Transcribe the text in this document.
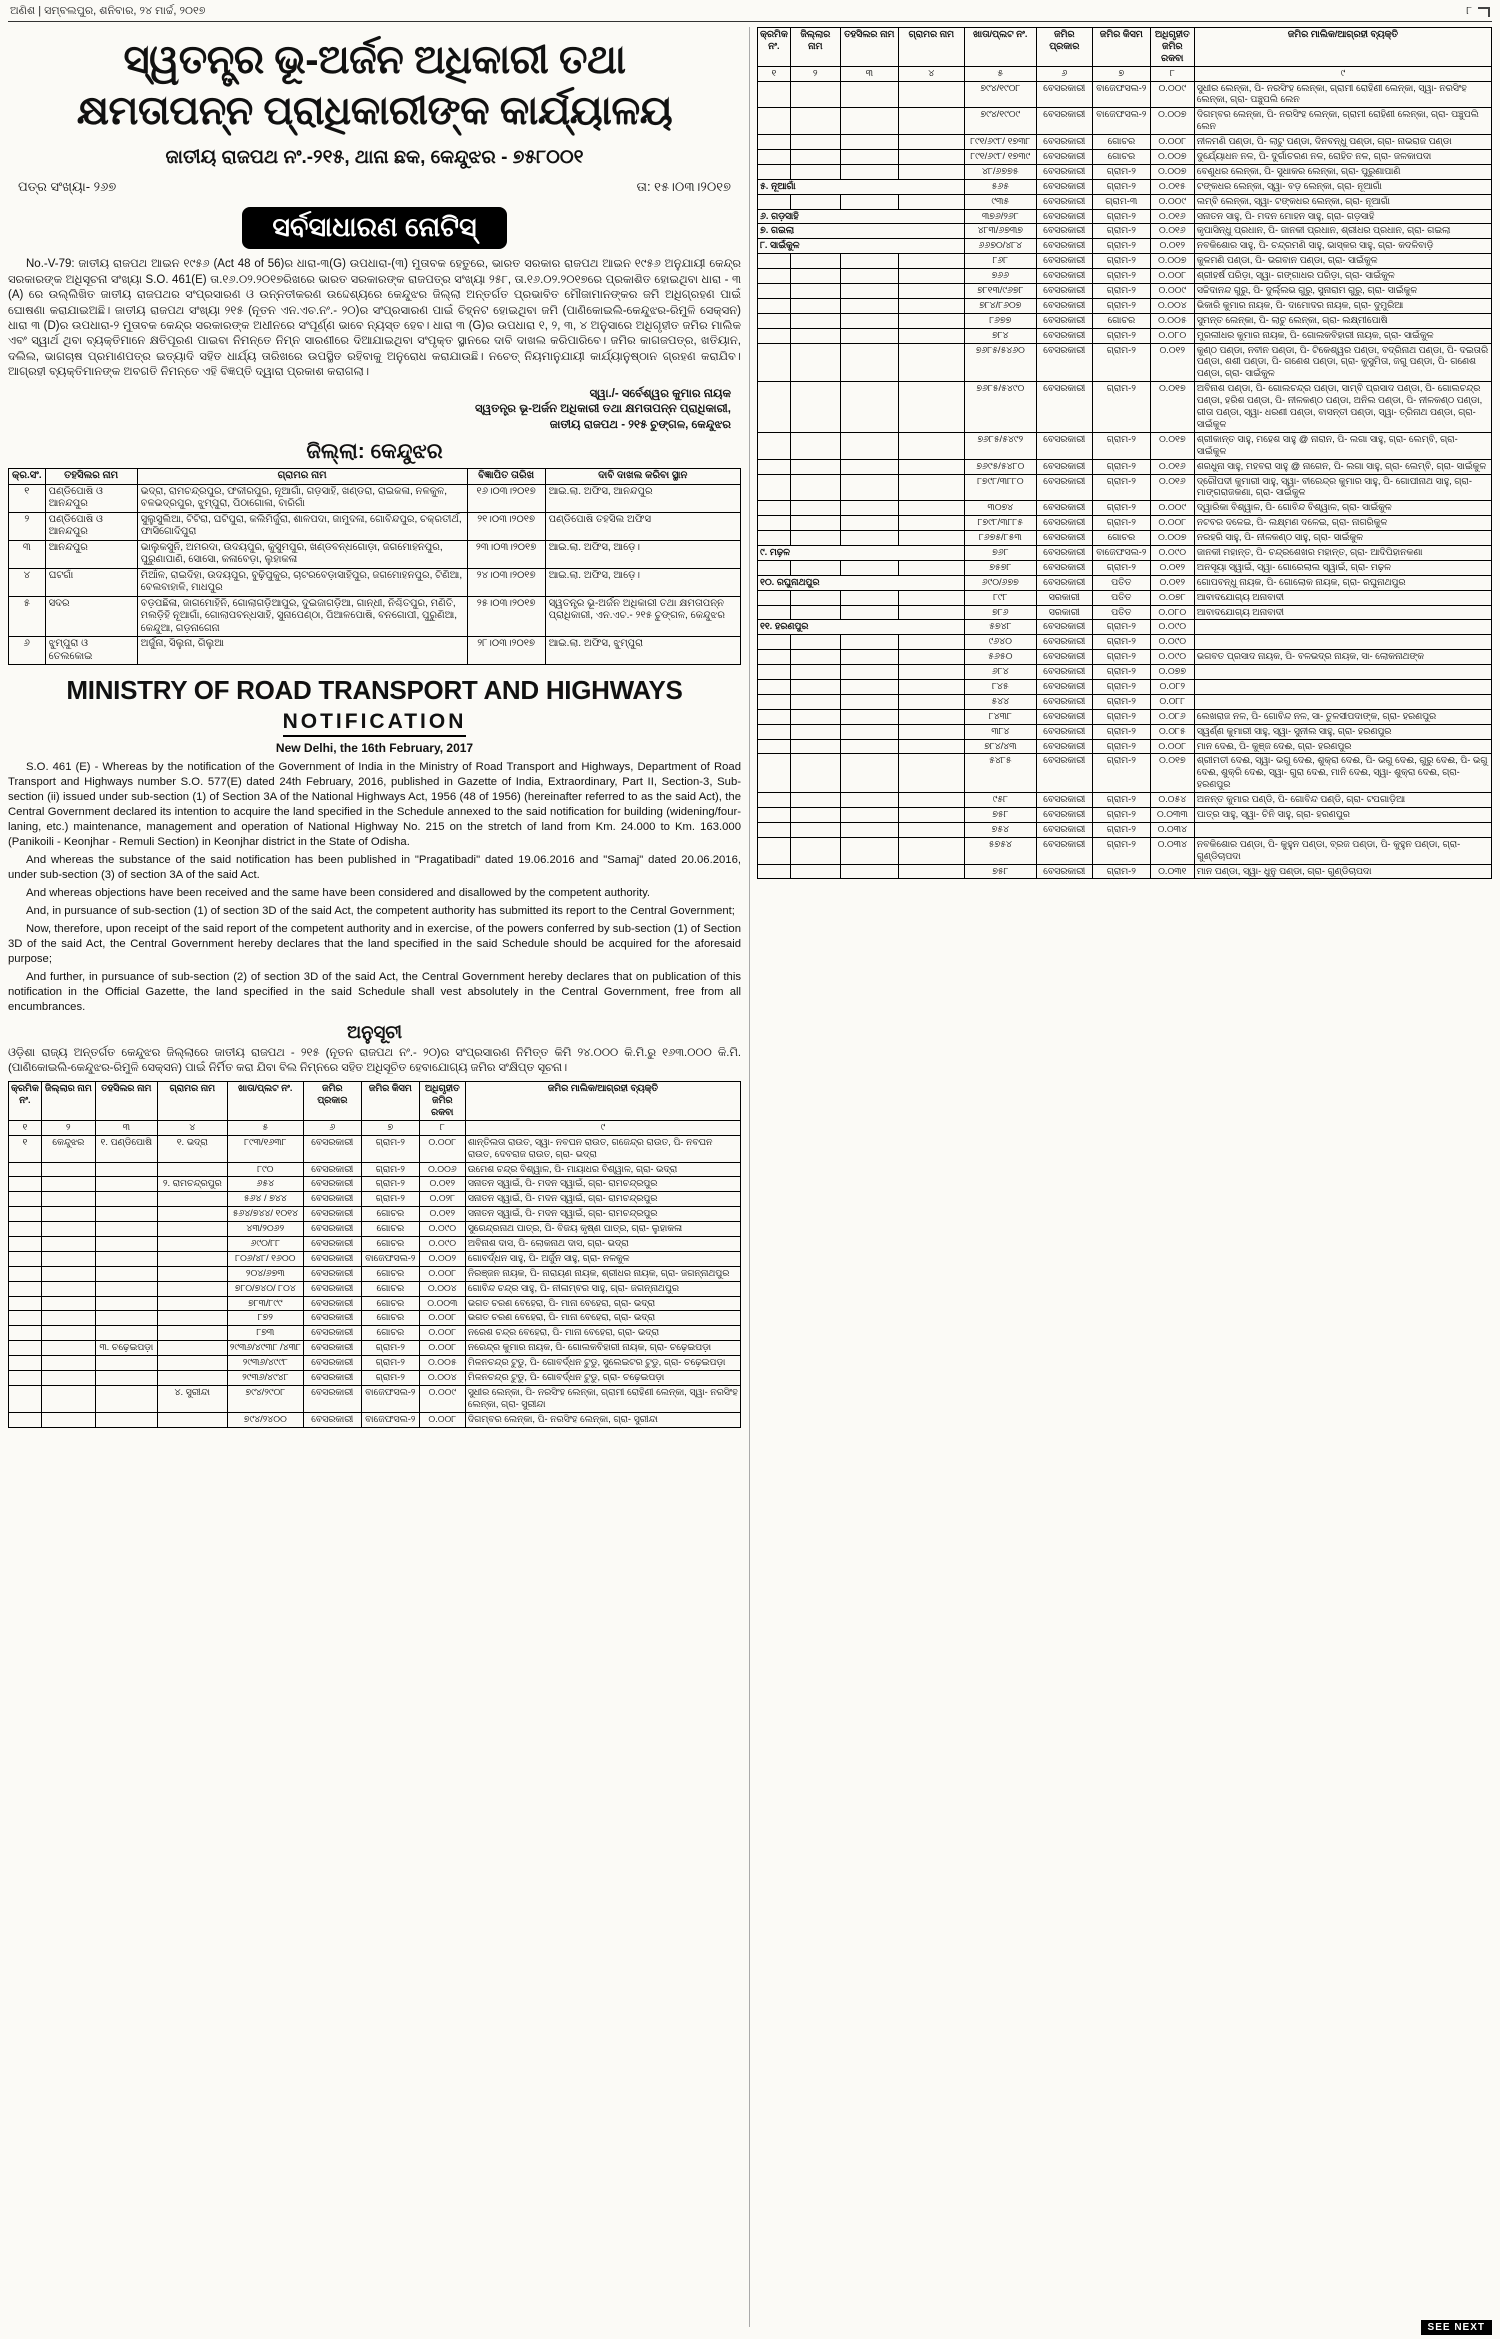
ଅଣିଶ | ସମ୍ବଲପୁର, ଶନିବାର, ୨୪ ମାର୍ଚ୍ଚ, ୨୦୧୭	୮
ସ୍ୱତନ୍ତ୍ର ଭୂ-ଅର୍ଜନ ଅଧିକାରୀ ତଥା
କ୍ଷମତାପନ୍ନ ପ୍ରାଧିକାରୀଙ୍କ କାର୍ଯ୍ୟାଳୟ
ଜାତୀୟ ରାଜପଥ ନଂ.-୨୧୫, ଥାନା ଛକ, କେନ୍ଦୁଝର - ୭୫୮୦୦୧
ପତ୍ର ସଂଖ୍ୟା- ୨୬୭	ତା: ୧୫।୦୩।୨୦୧୭
ସର୍ବସାଧାରଣ ନୋଟିସ୍

No.-V-79: ଜାତୀୟ ରାଜପଥ ଆଇନ ୧୯୫୬ (Act 48 of 56)ର ଧାରା-୩(G) ଉପଧାରା-(୩) ମୁତାବକ ହେତୁରେ, ଭାରତ ସରକାର ରାଜପଥ ଆଇନ ୧୯୫୬ ଅନୁଯାୟୀ କେନ୍ଦ୍ର ସରକାରଙ୍କ ଅଧିସୂଚନା ସଂଖ୍ୟା S.O. 461(E) ତା.୧୬.୦୨.୨୦୧୭ରିଖରେ ଭାରତ ସରକାରଙ୍କ ରାଜପତ୍ର ସଂଖ୍ୟା ୨୫୮, ତା.୧୬.୦୨.୨୦୧୭ରେ ପ୍ରକାଶିତ ହୋଇଥିବା ଧାରା - ୩ (A) ରେ ଉଲ୍ଲିଖିତ ଜାତୀୟ ରାଜପଥର ସଂପ୍ରସାରଣ ଓ ଉନ୍ନତୀକରଣ ଉଦ୍ଦେଶ୍ୟରେ କେନ୍ଦୁଝର ଜିଲ୍ଲା ଅନ୍ତର୍ଗତ ପ୍ରଭାବିତ ମୌଜାମାନଙ୍କର ଜମି ଅଧିଗ୍ରହଣ ପାଇଁ ଘୋଷଣା କରାଯାଇଅଛି। ଜାତୀୟ ରାଜପଥ ସଂଖ୍ୟା ୨୧୫ (ନୂତନ ଏନ.ଏଚ.ନଂ.- ୨୦)ର ସଂପ୍ରସାରଣ ପାଇଁ ଚିହ୍ନଟ ହୋଇଥିବା ଜମି (ପାଣିକୋଇଲି-କେନ୍ଦୁଝର-ରିମୁଳି ସେକ୍ସନ) ଧାରା ୩ (D)ର ଉପଧାରା-୨ ମୁତାବକ କେନ୍ଦ୍ର ସରକାରଙ୍କ ଅଧୀନରେ ସଂପୂର୍ଣ୍ଣ ଭାବେ ନ୍ୟସ୍ତ ହେବ। ଧାରା ୩ (G)ର ଉପଧାରା ୧, ୨, ୩, ୪ ଅନୁସାରେ ଅଧିଗୃହୀତ ଜମିର ମାଲିକ ଏବଂ ସ୍ୱାର୍ଥ ଥିବା ବ୍ୟକ୍ତିମାନେ କ୍ଷତିପୂରଣ ପାଇବା ନିମନ୍ତେ ନିମ୍ନ ସାରଣୀରେ ଦିଆଯାଇଥିବା ସଂପୃକ୍ତ ସ୍ଥାନରେ ଦାବି ଦାଖଲ କରିପାରିବେ। ଜମିର କାଗଜପତ୍ର, ଖତିୟାନ, ଦଲିଲ, ଭାଗଚାଷ ପ୍ରମାଣପତ୍ର ଇତ୍ୟାଦି ସହିତ ଧାର୍ଯ୍ୟ ତାରିଖରେ ଉପସ୍ଥିତ ରହିବାକୁ ଅନୁରୋଧ କରାଯାଉଛି। ନଚେତ୍ ନିୟମାନୁଯାୟୀ କାର୍ଯ୍ୟାନୁଷ୍ଠାନ ଗ୍ରହଣ କରାଯିବ। ଆଗ୍ରହୀ ବ୍ୟକ୍ତିମାନଙ୍କ ଅବଗତି ନିମନ୍ତେ ଏହି ବିଜ୍ଞପ୍ତି ଦ୍ୱାରା ପ୍ରକାଶ କରାଗଲା।

ସ୍ୱା./- ସର୍ବେଶ୍ୱର କୁମାର ନାୟକ
ସ୍ୱତନ୍ତ୍ର ଭୂ-ଅର୍ଜନ ଅଧିକାରୀ ତଥା କ୍ଷମତାପନ୍ନ ପ୍ରାଧିକାରୀ,
ଜାତୀୟ ରାଜପଥ - ୨୧୫ ଚୁଙ୍ଗଳ, କେନ୍ଦୁଝର
ଜିଲ୍ଲା: କେନ୍ଦୁଝର
କ୍ର.ସଂ.	ତହସିଲର ନାମ	ଗ୍ରାମର ନାମ	ବିଜ୍ଞାପିତ ତାରିଖ	ଦାବି ଦାଖଲ କରିବା ସ୍ଥାନ
୧	ପଣ୍ଡିପୋଷି ଓ ଆନନ୍ଦପୁର	ଭଦ୍ରା, ରାମଚନ୍ଦ୍ରପୁର, ଫକୀରପୁର, ନୂଆଗାଁ, ଗଡ଼ସାହି, ଖଣ୍ଡରା, ରାଇକଳା, ନଳକୁଳ, ବଳଭଦ୍ରପୁର, ଝୁମ୍ପୁରା, ପିଠାଗୋଳା, ବାରିଗାଁ	୧୬।୦୩।୨୦୧୭	ଆଇ.ଲା. ଅଫିସ, ଆନନ୍ଦପୁର
୨	ପଣ୍ଡିପୋଷି ଓ ଆନନ୍ଦପୁର	ସୁଲୁସୁଲିଆ, ଟିଟିରା, ଘଟିପୁରା, କଲିମିର୍ଜୁରା, ଶାଳପଦା, ଜାମୁଦଳା, ଗୋବିନ୍ଦପୁର, ଚକ୍ରତୀର୍ଥ, ଫାସିଗୋଦିପୁରା	୨୧।୦୩।୨୦୧୭	ପଣ୍ଡିପୋଷି ତହସିଲ ଅଫିସ
୩	ଆନନ୍ଦପୁର	ଭାଲୁକସୁନି, ଅମରଦା, ଉଦୟପୁର, କୁସୁମପୁର, ଖଣ୍ଡବନ୍ଧଗୋଡ଼ା, ଜଗମୋହନପୁର, ପୁରୁଣାପାଣି, ସୋସୋ, କଳାବେଡ଼ା, ଲୁହାକଳା	୨୩।୦୩।୨୦୧୭	ଆଇ.ଲା. ଅଫିସ, ଆଡ଼େ।
୪	ଘଟଗାଁ	ମିଆଁଳ, ରାଇଦିହା, ଉଦୟପୁର, ବୁଢ଼ିପୁକୁର, ଚାଟରବେଡ଼ାସାହିପୁର, ଜଗମୋହନପୁର, ଟିଣିଆ, ବେଲବାହାଳି, ମାଧପୁର	୨୪।୦୩।୨୦୧୭	ଆଇ.ଲା. ଅଫିସ, ଆଡ଼େ।
୫	ସଦର	ବଡ଼ପଛିଳା, ଜାଗମୋହିନି, ଗୋଲାଗଡ଼ିଆପୁର, ଦୁଇଜାଗଡ଼ିଆ, ଗାନ୍ଧୀ, ନିଶ୍ଚିତପୁର, ମଣିତି, ମଲଡ଼ିହି ନୂଆଗାଁ, ଗୋଲାପବନ୍ଧସାହି, ସୁନାପେଣ୍ଠା, ପିଆଳପୋଷି, ବନଗୋପୀ, ପୁରୁଣିଆ, କେନ୍ଦୁଆ, ଗଡ଼ନାଗେନା	୨୫।୦୩।୨୦୧୭	ସ୍ୱତନ୍ତ୍ର ଭୂ-ଅର୍ଜନ ଅଧିକାରୀ ତଥା କ୍ଷମତାପନ୍ନ ପ୍ରାଧିକାରୀ, ଏନ.ଏଚ.- ୨୧୫ ଚୁଙ୍ଗଳ, କେନ୍ଦୁଝର
୬	ଝୁମ୍ପୁରା ଓ ତେଲକୋଇ	ଅର୍ଜୁନା, ସିଲୁନା, ଗିଲୁଆ	୨୮।୦୩।୨୦୧୭	ଆଇ.ଲା. ଅଫିସ, ଝୁମ୍ପୁରା
MINISTRY OF ROAD TRANSPORT AND HIGHWAYS
NOTIFICATION
New Delhi, the 16th February, 2017

S.O. 461 (E) - Whereas by the notification of the Government of India in the Ministry of Road Transport and Highways, Department of Road Transport and Highways number S.O. 577(E) dated 24th February, 2016, published in Gazette of India, Extraordinary, Part II, Section-3, Sub-section (ii) issued under sub-section (1) of Section 3A of the National Highways Act, 1956 (48 of 1956) (hereinafter referred to as the said Act), the Central Government declared its intention to acquire the land specified in the Schedule annexed to the said notification for building (widening/four-laning, etc.) maintenance, management and operation of National Highway No. 215 on the stretch of land from Km. 24.000 to Km. 163.000 (Panikoili - Keonjhar - Remuli Section) in Keonjhar district in the State of Odisha.

And whereas the substance of the said notification has been published in "Pragatibadi" dated 19.06.2016 and "Samaj" dated 20.06.2016, under sub-section (3) of section 3A of the said Act.

And whereas objections have been received and the same have been considered and disallowed by the competent authority.

And, in pursuance of sub-section (1) of section 3D of the said Act, the competent authority has submitted its report to the Central Government;

Now, therefore, upon receipt of the said report of the competent authority and in exercise, of the powers conferred by sub-section (1) of Section 3D of the said Act, the Central Government hereby declares that the land specified in the said Schedule should be acquired for the aforesaid purpose;

And further, in pursuance of sub-section (2) of section 3D of the said Act, the Central Government hereby declares that on publication of this notification in the Official Gazette, the land specified in the said Schedule shall vest absolutely in the Central Government, free from all encumbrances.

ଅନୁସୂଚୀ
ଓଡ଼ିଶା ରାଜ୍ୟ ଅନ୍ତର୍ଗତ କେନ୍ଦୁଝର ଜିଲ୍ଲାରେ ଜାତୀୟ ରାଜପଥ - ୨୧୫ (ନୂତନ ରାଜପଥ ନଂ.- ୨୦)ର ସଂପ୍ରସାରଣ ନିମିତ୍ତ କିମି ୨୪.୦୦୦ କି.ମି.ରୁ ୧୬୩.୦୦୦ କି.ମି. (ପାଣିକୋଇଲି-କେନ୍ଦୁଝର-ରିମୁଳି ସେକ୍ସନ) ପାଇଁ ନିର୍ମିତ କରା ଯିବା ବିଲ ନିମ୍ନରେ ସହିତ ଅଧିସୂଚିତ ହେବାଯୋଗ୍ୟ ଜମିର ସଂକ୍ଷିପ୍ତ ସୂଚନା।
କ୍ରମିକ ନଂ.	ଜିଲ୍ଲାର ନାମ	ତହସିଲର ନାମ	ଗ୍ରାମର ନାମ	ଖାତା/ପ୍ଲଟ ନଂ.	ଜମିର ପ୍ରକାର	ଜମିର କିସମ	ଅଧିଗୃହୀତ ଜମିର ରକବା	ଜମିର ମାଲିକ/ଆଗ୍ରହୀ ବ୍ୟକ୍ତି
୧	୨	୩	୪	୫	୬	୭	୮	୯
୧	କେନ୍ଦୁଝର	୧. ପଣ୍ଡିପୋଷି	୧. ଭଦ୍ରା	୮୯୩/୧୬୩୮	ବେସରକାରୀ	ଗ୍ରାମ-୨	୦.୦୦୮	ଶାନ୍ତିଲତା ରାଉତ, ସ୍ୱା- ନବଘନ ରାଉତ, ଗଜେନ୍ଦ୍ର ରାଉତ, ପି- ନବଘନ ରାଉତ, ଦେବରାଜ ରାଉତ, ଗ୍ରା- ଭଦ୍ରା
				୮୯୦	ବେସରକାରୀ	ଗ୍ରାମ-୨	୦.୦୦୬	ଉମେଶ ଚନ୍ଦ୍ର ବିଶ୍ୱାଳ, ପି- ମାୟାଧର ବିଶ୍ୱାଳ, ଗ୍ରା- ଭଦ୍ରା
			୨. ରାମଚନ୍ଦ୍ରପୁର	୬୫୪	ବେସରକାରୀ	ଗ୍ରାମ-୨	୦.୦୧୨	ସନାତନ ସ୍ୱାଇଁ, ପି- ମଦନ ସ୍ୱାଇଁ, ଗ୍ରା- ରାମଚନ୍ଦ୍ରପୁର
				୫୬୪ / ୭୪୪	ବେସରକାରୀ	ଗ୍ରାମ-୨	୦.୦୨୮	ସନାତନ ସ୍ୱାଇଁ, ପି- ମଦନ ସ୍ୱାଇଁ, ଗ୍ରା- ରାମଚନ୍ଦ୍ରପୁର
				୫୬୪/୭୪୪/ ୧୦୧୪	ବେସରକାରୀ	ଗୋଚର	୦.୦୧୨	ସନାତନ ସ୍ୱାଇଁ, ପି- ମଦନ ସ୍ୱାଇଁ, ଗ୍ରା- ରାମଚନ୍ଦ୍ରପୁର
				୪୩/୨୦୬୨	ବେସରକାରୀ	ଗୋଚର	୦.୦୯୦	ସୁରେନ୍ଦ୍ରନାଥ ପାତ୍ର, ପି- ବିଜୟ କୃଷ୍ଣ ପାତ୍ର, ଗ୍ରା- ଲୁହାକଳା
				୬୯୦/୮୮	ବେସରକାରୀ	ଗୋଚର	୦.୦୯୦	ଅବିନାଶ ଦାସ, ପି- ଲୋକନାଥ ଦାସ, ଗ୍ରା- ଭଦ୍ରା
				୮୦୬/୪୮/ ୧୬୦୦	ବେସରକାରୀ	ବାଜେଫସଲ-୨	୦.୦୦୨	ଗୋବର୍ଦ୍ଧନ ସାହୁ, ପି- ଅର୍ଜୁନ ସାହୁ, ଗ୍ରା- ନଳକୁଳ
				୨୦୪/୬୭୩	ବେସରକାରୀ	ଗୋଚର	୦.୦୦୮	ନିରଞ୍ଜନ ନାୟକ, ପି- ନାରାୟଣ ନାୟକ, ଶ୍ରୀଧର ନାୟକ, ଗ୍ରା- ଜଗନ୍ନାଥପୁର
				୭୮୦/୭୪୦/ ୮୦୪	ବେସରକାରୀ	ଗୋଚର	୦.୦୦୪	ଗୋବିନ୍ଦ ଚନ୍ଦ୍ର ସାହୁ, ପି- ନୀଳାମ୍ବର ସାହୁ, ଗ୍ରା- ଜଗନ୍ନାଥପୁର
				୭୮୩/୮୯୯	ବେସରକାରୀ	ଗୋଚର	୦.୦୦୩	ଭଗତ ଚରଣ ବେହେରା, ପି- ମାନା ବେହେରା, ଗ୍ରା- ଭଦ୍ରା
				୮୭୨	ବେସରକାରୀ	ଗୋଚର	୦.୦୦୮	ଭଗତ ଚରଣ ବେହେରା, ପି- ମାନା ବେହେରା, ଗ୍ରା- ଭଦ୍ରା
				୮୭୩	ବେସରକାରୀ	ଗୋଚର	୦.୦୦୮	ନରେଶ ଚନ୍ଦ୍ର ବେହେରା, ପି- ମାନା ବେହେରା, ଗ୍ରା- ଭଦ୍ରା
		୩. ଚଢ଼େଇପଡ଼ା		୨୯୩୬/୪୯୩୮ /୪୩୮	ବେସରକାରୀ	ଗ୍ରାମ-୨	୦.୦୦୮	ନରେନ୍ଦ୍ର କୁମାର ନାୟକ, ପି- ଗୋଲକବିହାରୀ ନାୟକ, ଗ୍ରା- ଚଢ଼େଇପଡ଼ା
				୨୯୩୬/୪୯୯୮	ବେସରକାରୀ	ଗ୍ରାମ-୨	୦.୦୦୫	ମିଳନଚନ୍ଦ୍ର ଟୁଡୁ, ପି- ଗୋବର୍ଦ୍ଧନ ଟୁଡୁ, ସୁଲେଇଟର ଟୁଡୁ, ଗ୍ରା- ଚଢ଼େଇପଡ଼ା
				୨୯୩୬/୪୯୪୮	ବେସରକାରୀ	ଗ୍ରାମ-୨	୦.୦୦୪	ମିଳନଚନ୍ଦ୍ର ଟୁଡୁ, ପି- ଗୋବର୍ଦ୍ଧନ ଟୁଡୁ, ଗ୍ରା- ଚଢ଼େଇପଡ଼ା
			୪. ସୁରୀନ୍ଦା	୭୯୪/୨୯୦୮	ବେସରକାରୀ	ବାଜେଫସଲ-୨	୦.୦୦୯	ସୁଧୀର ଲେନ୍କା, ପି- ନରସିଂହ ଲେନ୍କା, ଗ୍ରାମୀ ରୋହିଣୀ ଲେନ୍କା, ସ୍ୱା- ନରସିଂହ ଲେନ୍କା, ଗ୍ରା- ସୁରୀନ୍ଦା
				୭୯୪/୨୪୦୦	ବେସରକାରୀ	ବାଜେଫସଲ-୨	୦.୦୦୮	ଦିଗମ୍ବର ଲେନ୍କା, ପି- ନରସିଂହ ଲେନ୍କା, ଗ୍ରା- ସୁରୀନ୍ଦା
କ୍ରମିକ ନଂ.	ଜିଲ୍ଲାର ନାମ	ତହସିଲର ନାମ	ଗ୍ରାମର ନାମ	ଖାତା/ପ୍ଲଟ ନଂ.	ଜମିର ପ୍ରକାର	ଜମିର କିସମ	ଅଧିଗୃହୀତ ଜମିର ରକବା	ଜମିର ମାଲିକ/ଆଗ୍ରହୀ ବ୍ୟକ୍ତି
୧	୨	୩	୪	୫	୬	୭	୮	୯
				୭୯୪/୧୯୦୮	ବେସରକାରୀ	ବାଜେଫସଲ-୨	୦.୦୦୯	ସୁଧୀର ଲେନ୍କା, ପି- ନରସିଂହ ଲେନ୍କା, ଗ୍ରାମୀ ରୋହିଣୀ ଲେନ୍କା, ସ୍ୱା- ନରସିଂହ ଲେନ୍କା, ଗ୍ରା- ପଞ୍ଚୁପଲି ଲେନ
				୭୯୪/୧୯୦୯	ବେସରକାରୀ	ବାଜେଫସଲ-୨	୦.୦୦୭	ଦିଗମ୍ବର ଲେନ୍କା, ପି- ନରସିଂହ ଲେନ୍କା, ଗ୍ରାମୀ ରୋହିଣୀ ଲେନ୍କା, ଗ୍ରା- ପଞ୍ଚୁପଲି ଲେନ
				୮୯୧/୬୯୮/ ୧୭୩୮	ବେସରକାରୀ	ଗୋଚର	୦.୦୦୮	ନୀଳମଣି ପଣ୍ଡା, ପି- ଲାଟୁ ପଣ୍ଡା, ଦିନବନ୍ଧୁ ପଣ୍ଡା, ଗ୍ରା- ନାଭରାଜ ପଣ୍ଡା
				୮୯୧/୬୯୮/ ୧୭୩୯	ବେସରକାରୀ	ଗୋଚର	୦.୦୦୭	ଦୁର୍ଯ୍ୟୋଧନ ନଳ, ପି- ଦୁର୍ଗାଚରଣ ନଳ, ରୋହିତ ନଳ, ଗ୍ରା- ଜଳକାପଦା
				୪୮/୬୭୭୫	ବେସରକାରୀ	ଗ୍ରାମ-୨	୦.୦୦୭	ବେଣୁଧର ଲେନ୍କା, ପି- ସୁଧାକର ଲେନ୍କା, ଗ୍ରା- ପୁରୁଣାପାଣି
୫. ନୂଆଗାଁ				୫୬୫	ବେସରକାରୀ	ଗ୍ରାମ-୨	୦.୦୧୫	ଟଙ୍କଧର ଲେନ୍କା, ସ୍ୱା- ବଡ଼ ଲେନ୍କା, ଗ୍ରା- ନୂଆଗାଁ
				୯୩୫	ବେସରକାରୀ	ଗ୍ରାମ-୩	୦.୦୦୯	ଲମ୍ବି ଲେନ୍କା, ସ୍ୱା- ଟଙ୍କଧର ଲେନ୍କା, ଗ୍ରା- ନୂଆଗାଁ
୬. ଗଡ଼ସାହି				୩୭୬/୨୬୮	ବେସରକାରୀ	ଗ୍ରାମ-୨	୦.୦୧୬	ସନାତନ ସାହୁ, ପି- ମଦନ ମୋହନ ସାହୁ, ଗ୍ରା- ଗଡ଼ସାହି
୭. ଗଇଲା				୪୮୩/୬୭୩୭	ବେସରକାରୀ	ଗ୍ରାମ-୨	୦.୦୧୬	କୃପାସିନ୍ଧୁ ପ୍ରଧାନ, ପି- ଜାନକୀ ପ୍ରଧାନ, ଶ୍ରୀଧର ପ୍ରଧାନ, ଗ୍ରା- ଗଇଲା
୮. ସାଇଁକୁଳ				୬୬୭୦/୪୮୪	ବେସରକାରୀ	ଗ୍ରାମ-୨	୦.୦୧୨	ନବକିଶୋର ସାହୁ, ପି- ଚନ୍ଦ୍ରମଣି ସାହୁ, ଭାସ୍କର ସାହୁ, ଗ୍ରା- କଦଳିବାଡ଼ି
				୮୬୮	ବେସରକାରୀ	ଗ୍ରାମ-୨	୦.୦୦୭	କୁଳମଣି ପଣ୍ଡା, ପି- ଭଗବାନ ପଣ୍ଡା, ଗ୍ରା- ସାଇଁକୁଳ
				୭୬୬	ବେସରକାରୀ	ଗ୍ରାମ-୨	୦.୦୦୮	ଶ୍ରୀହର୍ଷ ପରିଡ଼ା, ସ୍ୱା- ଗଙ୍ଗାଧର ପରିଡ଼ା, ଗ୍ରା- ସାଇଁକୁଳ
				୭୮୧୩/୯୬୭୮	ବେସରକାରୀ	ଗ୍ରାମ-୨	୦.୦୦୯	ସଚ୍ଚିଦାନନ୍ଦ ଗୁରୁ, ପି- ଦୁର୍ଲ୍ଲଭ ଗୁରୁ, ସୁନାରାମ ଗୁରୁ, ଗ୍ରା- ସାଇଁକୁଳ
				୭୮୪/୮୬୦୭	ବେସରକାରୀ	ଗ୍ରାମ-୨	୦.୦୦୪	ଭିକାରି କୁମାର ନାୟକ, ପି- ଦାମୋଦର ନାୟକ, ଗ୍ରା- ଦୁମୁରିଆ
				୮୬୭୭	ବେସରକାରୀ	ଗୋଚର	୦.୦୦୫	ସୁମନ୍ତ ଲେନ୍କା, ପି- ଲାଚୁ ଲେନ୍କା, ଗ୍ରା- ଲକ୍ଷ୍ମୀପୋଷି
				୭୮୪	ବେସରକାରୀ	ଗ୍ରାମ-୨	୦.୦୮୦	ମୁରଲୀଧର କୁମାର ନାୟକ, ପି- ଗୋଲକବିହାରୀ ନାୟକ, ଗ୍ରା- ସାଇଁକୁଳ
				୭୬୮୫/୫୪୬୦	ବେସରକାରୀ	ଗ୍ରାମ-୨	୦.୦୧୨	କୁଣ୍ଠ ପଣ୍ଡା, ନବୀନ ପଣ୍ଡା, ପି- ଟିକେଶ୍ୱର ପଣ୍ଡା, ବଦ୍ରିନାଥ ପଣ୍ଡା, ପି- ଦଇତାରି ପଣ୍ଡା, ଶଶୀ ପଣ୍ଡା, ପି- ଗଣେଶ ପଣ୍ଡା, ଗ୍ରା- କୁସୁମିତା, ଜଗୁ ପଣ୍ଡା, ପି- ଗଣେଶ ପଣ୍ଡା, ଗ୍ରା- ସାଇଁକୁଳ
				୭୬୮୫/୫୪୯୦	ବେସରକାରୀ	ଗ୍ରାମ-୨	୦.୦୧୭	ଅବିନାଶ ପଣ୍ଡା, ପି- ଗୋଲଚନ୍ଦ୍ର ପଣ୍ଡା, ସାମ୍ବି ପ୍ରସାଦ ପଣ୍ଡା, ପି- ଗୋଲଚନ୍ଦ୍ର ପଣ୍ଡା, ହରିଶ ପଣ୍ଡା, ପି- ନୀଳକଣ୍ଠ ପଣ୍ଡା, ଅନିଲ ପଣ୍ଡା, ପି- ନୀଳକଣ୍ଠ ପଣ୍ଡା, ଗୀତା ପଣ୍ଡା, ସ୍ୱା- ଧରଣୀ ପଣ୍ଡା, ବାସନ୍ତୀ ପଣ୍ଡା, ସ୍ୱା- ତ୍ରିନାଥ ପଣ୍ଡା, ଗ୍ରା- ସାଇଁକୁଳ
				୭୬୮୫/୫୪୯୨	ବେସରକାରୀ	ଗ୍ରାମ-୨	୦.୦୧୭	ଶ୍ରୀକାନ୍ତ ସାହୁ, ମହେଶ ସାହୁ @ ନାରାନ, ପି- ଲଗା ସାହୁ, ଗ୍ରା- ଲେମ୍ବି, ଗ୍ରା- ସାଇଁକୁଳ
				୭୬୯୫/୫୪୮୦	ବେସରକାରୀ	ଗ୍ରାମ-୨	୦.୦୧୬	ଶରଧୁନା ସାହୁ, ମହବରା ସାହୁ @ ନାଗେନ, ପି- ଲଗା ସାହୁ, ଗ୍ରା- ଲେମ୍ବି, ଗ୍ରା- ସାଇଁକୁଳ
				୮୭୯୮/୩୮୮୦	ବେସରକାରୀ	ଗ୍ରାମ-୨	୦.୦୧୬	ଦ୍ରୌପଦୀ କୁମାରୀ ସାହୁ, ସ୍ୱା- ବୀରେନ୍ଦ୍ର କୁମାର ସାହୁ, ପି- ଗୋପୀନାଥ ସାହୁ, ଗ୍ରା- ମାଙ୍ଗରାଜକଣା, ଗ୍ରା- ସାଇଁକୁଳ
				୩୦୭୪	ବେସରକାରୀ	ଗ୍ରାମ-୨	୦.୦୦୯	ଦ୍ୱାରିକା ବିଶ୍ୱାଳ, ପି- ଗୋବିନ୍ଦ ବିଶ୍ୱାଳ, ଗ୍ରା- ସାଇଁକୁଳ
				୮୭୯୮/୩୮୮୫	ବେସରକାରୀ	ଗ୍ରାମ-୨	୦.୦୦୮	ନଟବର ଦଳେଇ, ପି- ଲକ୍ଷ୍ମଣ ଦଳେଇ, ଗ୍ରା- ନାଗରିକୁଳ
				୮୬୭୫/୮୫୩	ବେସରକାରୀ	ଗୋଚର	୦.୦୦୭	ନରହରି ସାହୁ, ପି- ନୀଳକଣ୍ଠ ସାହୁ, ଗ୍ରା- ସାଇଁକୁଳ
୯. ମଢ଼ଳ				୭୬୮	ବେସରକାରୀ	ବାଜେଫସଲ-୨	୦.୦୯୦	ଜାନକୀ ମହାନ୍ତ, ପି- ଚନ୍ଦ୍ରଶେଖର ମହାନ୍ତ, ଗ୍ରା- ଆଦିପିହାନକଣା
				୭୫୭୮	ବେସରକାରୀ	ଗ୍ରାମ-୨	୦.୦୧୨	ଅନସୂୟା ସ୍ୱାଇଁ, ସ୍ୱା- ଗୋରେଲାଲ ସ୍ୱାଇଁ, ଗ୍ରା- ମଢ଼ଳ
୧୦. ରଘୁନାଥପୁର				୬୯୦/୬୭୭	ବେସରକାରୀ	ପତିତ	୦.୦୧୨	ଗୋପବନ୍ଧୁ ନାୟକ, ପି- ଗୋଲୋକ ନାୟକ, ଗ୍ରା- ରଘୁନାଥପୁର
				୮୯୮	ସରକାରୀ	ପତିତ	୦.୦୭୮	ଆବାଦଯୋଗ୍ୟ ଅନାବାଦୀ
				୭୮୬	ସରକାରୀ	ପତିତ	୦.୦୮୦	ଆବାଦଯୋଗ୍ୟ ଅନାବାଦୀ
୧୧. ହରଣପୁର				୫୭୪୮	ବେସରକାରୀ	ଗ୍ରାମ-୨	୦.୦୯୦	
				୯୬୪୦	ବେସରକାରୀ	ଗ୍ରାମ-୨	୦.୦୯୦	
				୫୬୫୦	ବେସରକାରୀ	ଗ୍ରାମ-୨	୦.୦୯୦	ଭଗବତ ପ୍ରସାଦ ନାୟକ, ପି- ବଳଭଦ୍ର ନାୟକ, ସା- ଲୋକନାଥଙ୍କ
				୬୮୪	ବେସରକାରୀ	ଗ୍ରାମ-୨	୦.୦୭୭	
				୮୪୫	ବେସରକାରୀ	ଗ୍ରାମ-୨	୦.୦୮୨	
				୫୪୪	ବେସରକାରୀ	ଗ୍ରାମ-୨	୦.୦୮୮	
				୮୪୩୮	ବେସରକାରୀ	ଗ୍ରାମ-୨	୦.୦୮୬	ଲେଖରାଜ ନଳ, ପି- ଗୋବିନ୍ଦ ନଳ, ସା- ତୁଳସୀପଦାଙ୍କ, ଗ୍ରା- ହରଣପୁର
				୩୮୪	ବେସରକାରୀ	ଗ୍ରାମ-୨	୦.୦୮୫	ସ୍ୱର୍ଣ୍ଣ କୁମାରୀ ସାହୁ, ସ୍ୱା- ସୁନୀଲ ସାହୁ, ଗ୍ରା- ହରଣପୁର
				୭୮୪/୪୩	ବେସରକାରୀ	ଗ୍ରାମ-୨	୦.୦୦୮	ମାନ ଦେଈ, ପି- କୁଞ୍ଜ ଦେଈ, ଗ୍ରା- ହରଣପୁର
				୫୪୮୫	ବେସରକାରୀ	ଗ୍ରାମ-୨	୦.୦୧୭	ଶ୍ରୀମତୀ ଦେଈ, ସ୍ୱା- ଭଗୁ ଦେଈ, ଶୁକ୍ରା ଦେଈ, ପି- ଭଗୁ ଦେଈ, ଗୁରୁ ଦେଈ, ପି- ଭଗୁ ଦେଈ, ଶୁକ୍ରି ଦେଈ, ସ୍ୱା- ଗୁରା ଦେଈ, ମାନି ଦେଈ, ସ୍ୱା- ଶୁକ୍ରା ଦେଈ, ଗ୍ରା- ହରଣପୁର
				୯୫୮	ବେସରକାରୀ	ଗ୍ରାମ-୨	୦.୦୫୪	ଅନନ୍ତ କୁମାର ପଣ୍ଡି, ପି- ଗୋବିନ୍ଦ ପଣ୍ଡି, ଗ୍ରା- ଟପଗାଡ଼ିଆ
				୭୫୮	ବେସରକାରୀ	ଗ୍ରାମ-୨	୦.୦୩୩	ପାତ୍ର ସାହୁ, ସ୍ୱା- ଚିନି ସାହୁ, ଗ୍ରା- ହରଣପୁର
				୭୫୪	ବେସରକାରୀ	ଗ୍ରାମ-୨	୦.୦୩୪	
				୫୭୫୪	ବେସରକାରୀ	ଗ୍ରାମ-୨	୦.୦୩୪	ନବକିଶୋର ପଣ୍ଡା, ପି- କୁହୁନ ପଣ୍ଡା, ବ୍ରଜ ପଣ୍ଡା, ପି- କୁହୁନ ପଣ୍ଡା, ଗ୍ରା- ଗୁଣ୍ଡିଚାପଦା
				୭୫୮	ବେସରକାରୀ	ଗ୍ରାମ-୨	୦.୦୩୧	ମାନ ପଣ୍ଡା, ସ୍ୱା- ଧୁନୁ ପଣ୍ଡା, ଗ୍ରା- ଗୁଣ୍ଡିଚାପଦା
SEE NEXT
